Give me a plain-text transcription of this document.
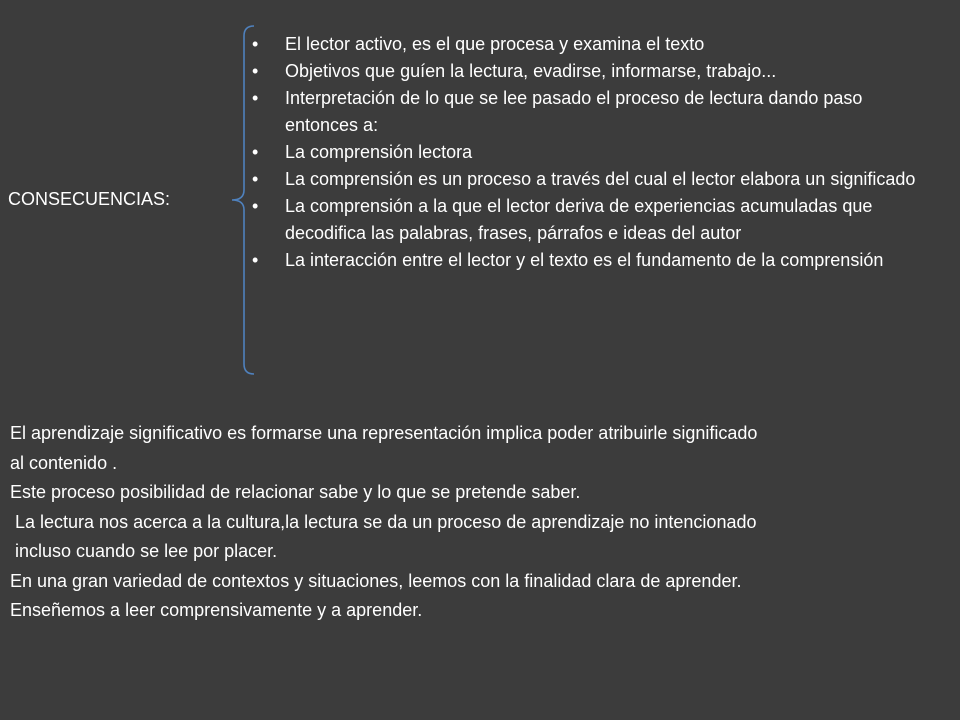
CONSECUENCIAS:
• El lector activo, es el que procesa y examina el texto
• Objetivos que guíen la lectura, evadirse, informarse, trabajo...
• Interpretación de lo que se lee pasado el proceso de lectura dando paso entonces a:
• La comprensión lectora
• La comprensión es un proceso a través del cual el lector elabora un significado
• La comprensión a la que el lector deriva de experiencias acumuladas que decodifica las palabras, frases, párrafos e ideas del autor
• La interacción entre el lector y el texto es el fundamento de la comprensión
El aprendizaje significativo es formarse una representación implica poder atribuirle significado
al contenido .
Este proceso posibilidad de relacionar sabe y lo que se pretende saber.
La lectura nos acerca a la cultura,la lectura se da un proceso de aprendizaje no intencionado
incluso cuando se lee por placer.
En una gran variedad de contextos y situaciones, leemos con la finalidad clara de aprender.
Enseñemos a leer comprensivamente y a aprender.
